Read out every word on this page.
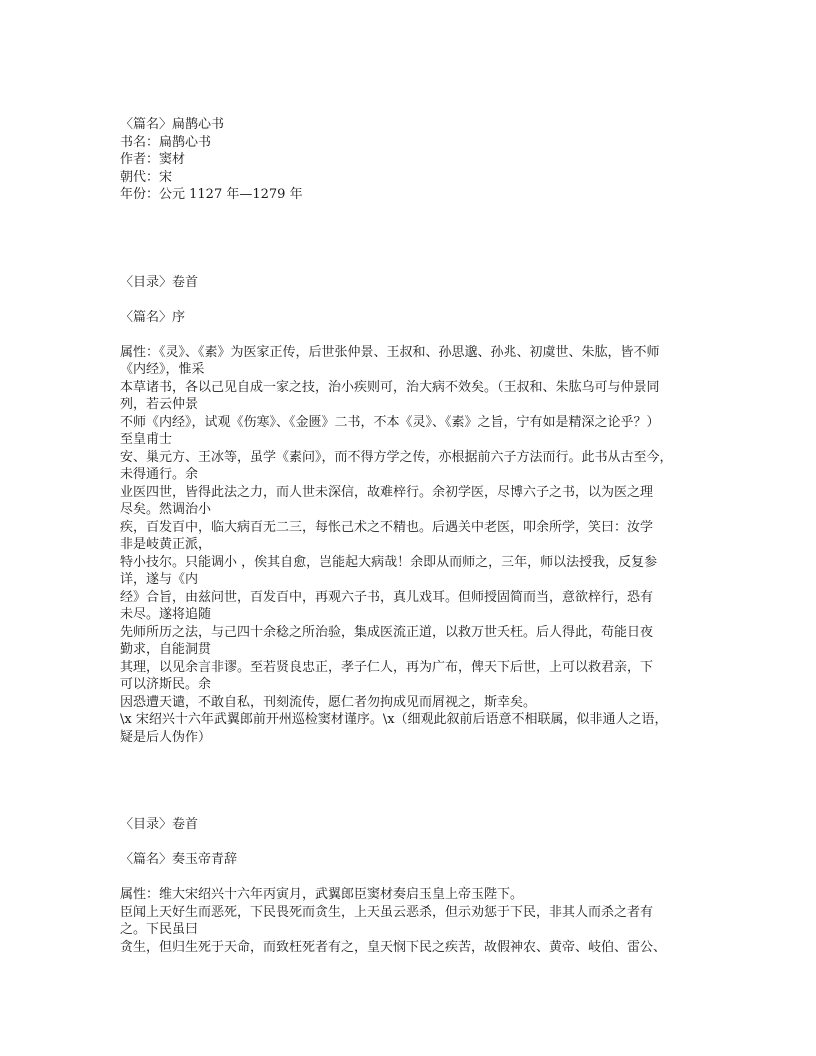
〈篇名〉扁鹊心书
书名：扁鹊心书
作者：窦材
朝代：宋
年份：公元 1127 年—1279 年
〈目录〉卷首
〈篇名〉序
属性：《灵》、《素》为医家正传，后世张仲景、王叔和、孙思邈、孙兆、初虞世、朱肱，皆不师
《内经》，惟采
本草诸书，各以己见自成一家之技，治小疾则可，治大病不效矣。（王叔和、朱肱乌可与仲景同
列，若云仲景
不师《内经》，试观《伤寒》、《金匮》二书，不本《灵》、《素》之旨，宁有如是精深之论乎？）
至皇甫士
安、巢元方、王冰等，虽学《素问》，而不得方学之传，亦根据前六子方法而行。此书从古至今，
未得通行。余
业医四世，皆得此法之力，而人世未深信，故难梓行。余初学医，尽博六子之书，以为医之理
尽矣。然调治小
疾，百发百中，临大病百无二三，每怅己术之不精也。后遇关中老医，叩余所学，笑曰：汝学
非是岐黄正派，
特小技尔。只能调小 ，俟其自愈，岂能起大病哉！余即从而师之，三年，师以法授我，反复参
详，遂与《内
经》合旨，由兹问世，百发百中，再观六子书，真儿戏耳。但师授固简而当，意欲梓行，恐有
未尽。遂将追随
先师所历之法，与己四十余稔之所治验，集成医流正道，以救万世夭枉。后人得此，苟能日夜
勤求，自能洞贯
其理，以见余言非谬。至若贤良忠正，孝子仁人，再为广布，俾天下后世，上可以救君亲，下
可以济斯民。余
因恐遭天谴，不敢自私，刊刻流传，愿仁者勿拘成见而屑视之，斯幸矣。
\x 宋绍兴十六年武翼郎前开州巡检窦材谨序。\x（细观此叙前后语意不相联属，似非通人之语，
疑是后人伪作）
〈目录〉卷首
〈篇名〉奏玉帝青辞
属性：维大宋绍兴十六年丙寅月，武翼郎臣窦材奏启玉皇上帝玉陛下。
臣闻上天好生而恶死，下民畏死而贪生，上天虽云恶杀，但示劝惩于下民，非其人而杀之者有
之。下民虽曰
贪生，但归生死于天命，而致枉死者有之，皇天悯下民之疾苦，故假神农、黄帝、岐伯、雷公、
